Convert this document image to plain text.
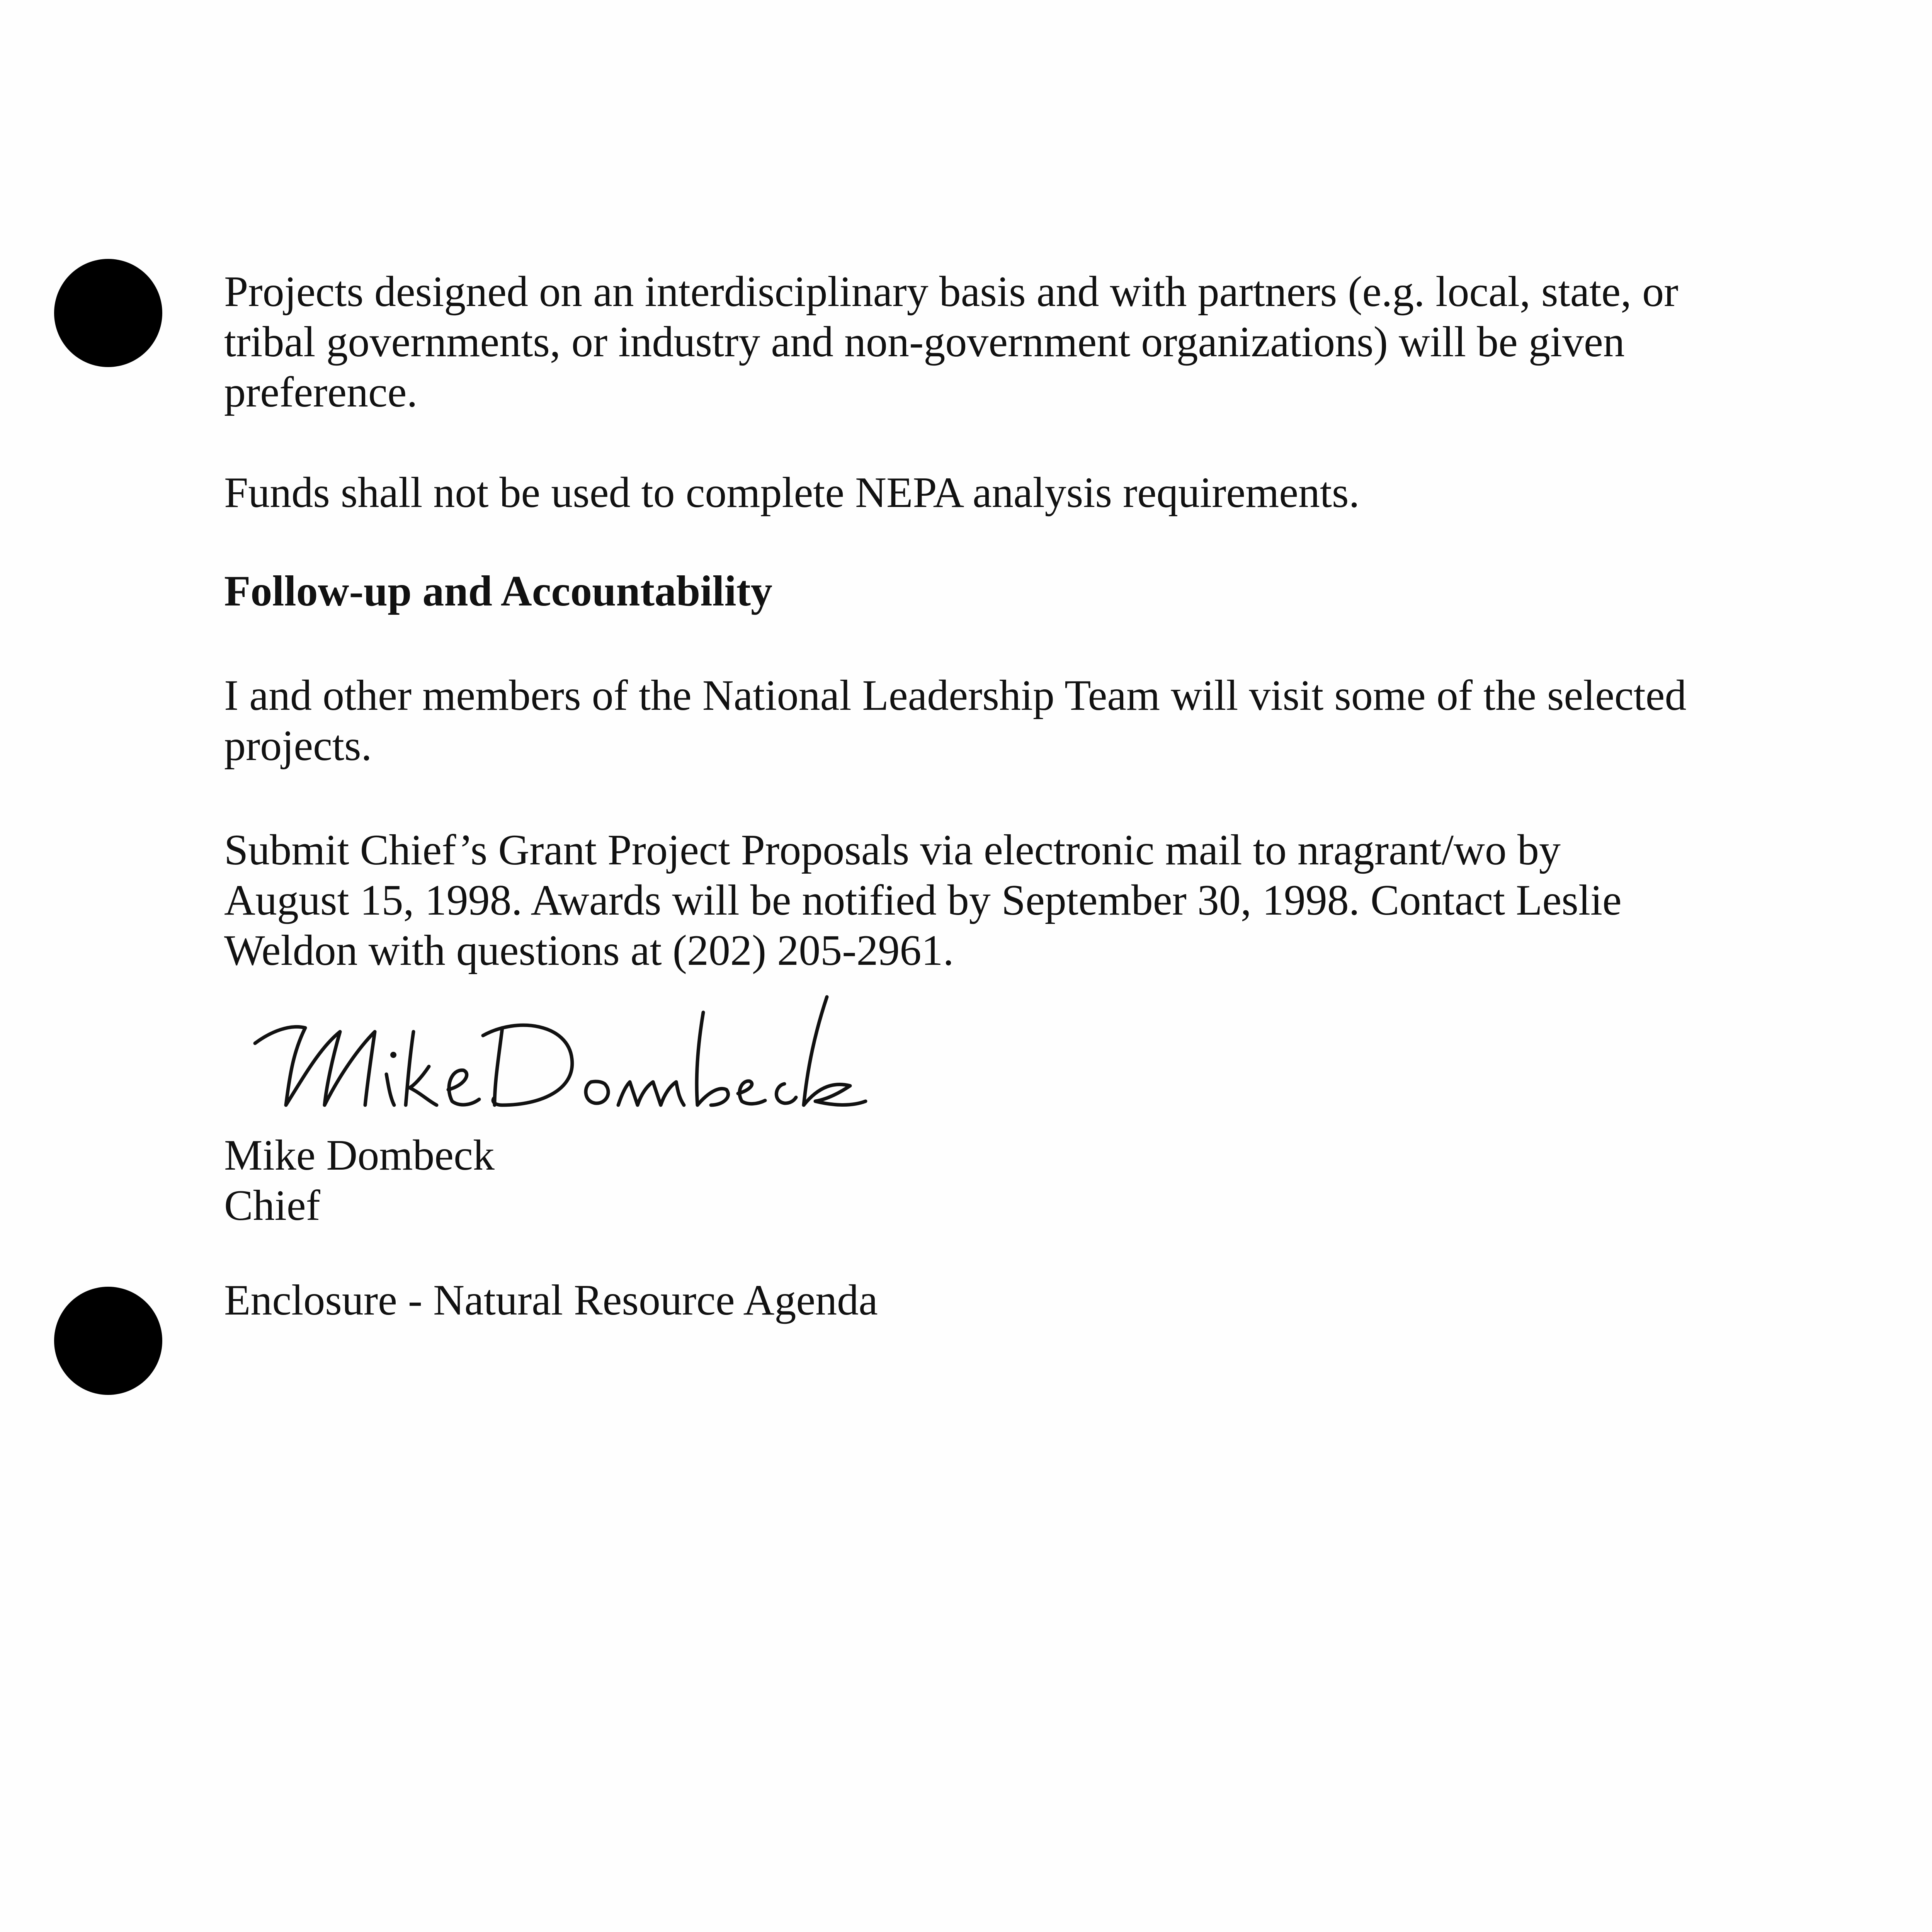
Projects designed on an interdisciplinary basis and with partners (e.g. local, state, or
tribal governments, or industry and non-government organizations) will be given
preference.

Funds shall not be used to complete NEPA analysis requirements.

Follow-up and Accountability

I and other members of the National Leadership Team will visit some of the selected
projects.

Submit Chief’s Grant Project Proposals via electronic mail to nragrant/wo by
August 15, 1998. Awards will be notified by September 30, 1998. Contact Leslie
Weldon with questions at (202) 205-2961.

Mike Dombeck

Chief

Enclosure - Natural Resource Agenda
